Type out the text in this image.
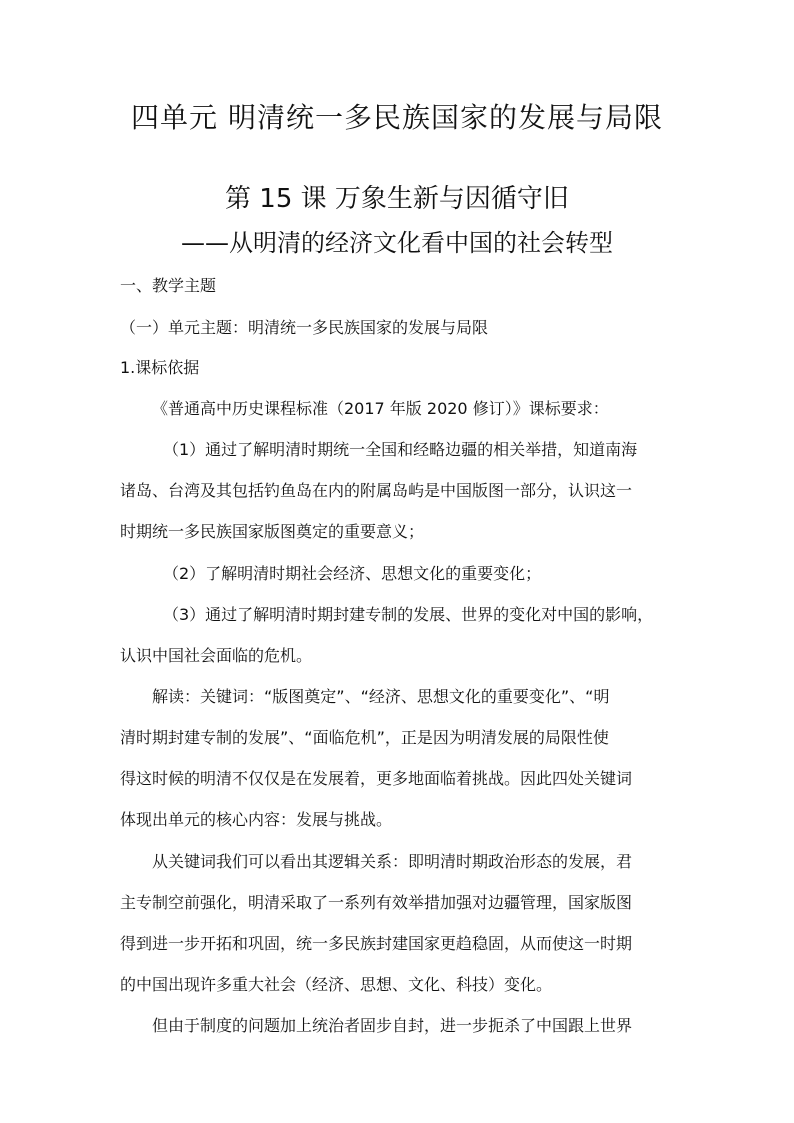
四单元 明清统一多民族国家的发展与局限
第 15 课 万象生新与因循守旧
——从明清的经济文化看中国的社会转型
一、教学主题
（一）单元主题：明清统一多民族国家的发展与局限
1.课标依据
《普通高中历史课程标准（2017 年版 2020 修订）》课标要求：
（1）通过了解明清时期统一全国和经略边疆的相关举措，知道南海
诸岛、台湾及其包括钓鱼岛在内的附属岛屿是中国版图一部分，认识这一
时期统一多民族国家版图奠定的重要意义；
（2）了解明清时期社会经济、思想文化的重要变化；
（3）通过了解明清时期封建专制的发展、世界的变化对中国的影响，
认识中国社会面临的危机。
解读：关键词：“版图奠定”、“经济、思想文化的重要变化”、“明
清时期封建专制的发展”、“面临危机”，正是因为明清发展的局限性使
得这时候的明清不仅仅是在发展着，更多地面临着挑战。因此四处关键词
体现出单元的核心内容：发展与挑战。
从关键词我们可以看出其逻辑关系：即明清时期政治形态的发展，君
主专制空前强化，明清采取了一系列有效举措加强对边疆管理，国家版图
得到进一步开拓和巩固，统一多民族封建国家更趋稳固，从而使这一时期
的中国出现许多重大社会（经济、思想、文化、科技）变化。
但由于制度的问题加上统治者固步自封，进一步扼杀了中国跟上世界
